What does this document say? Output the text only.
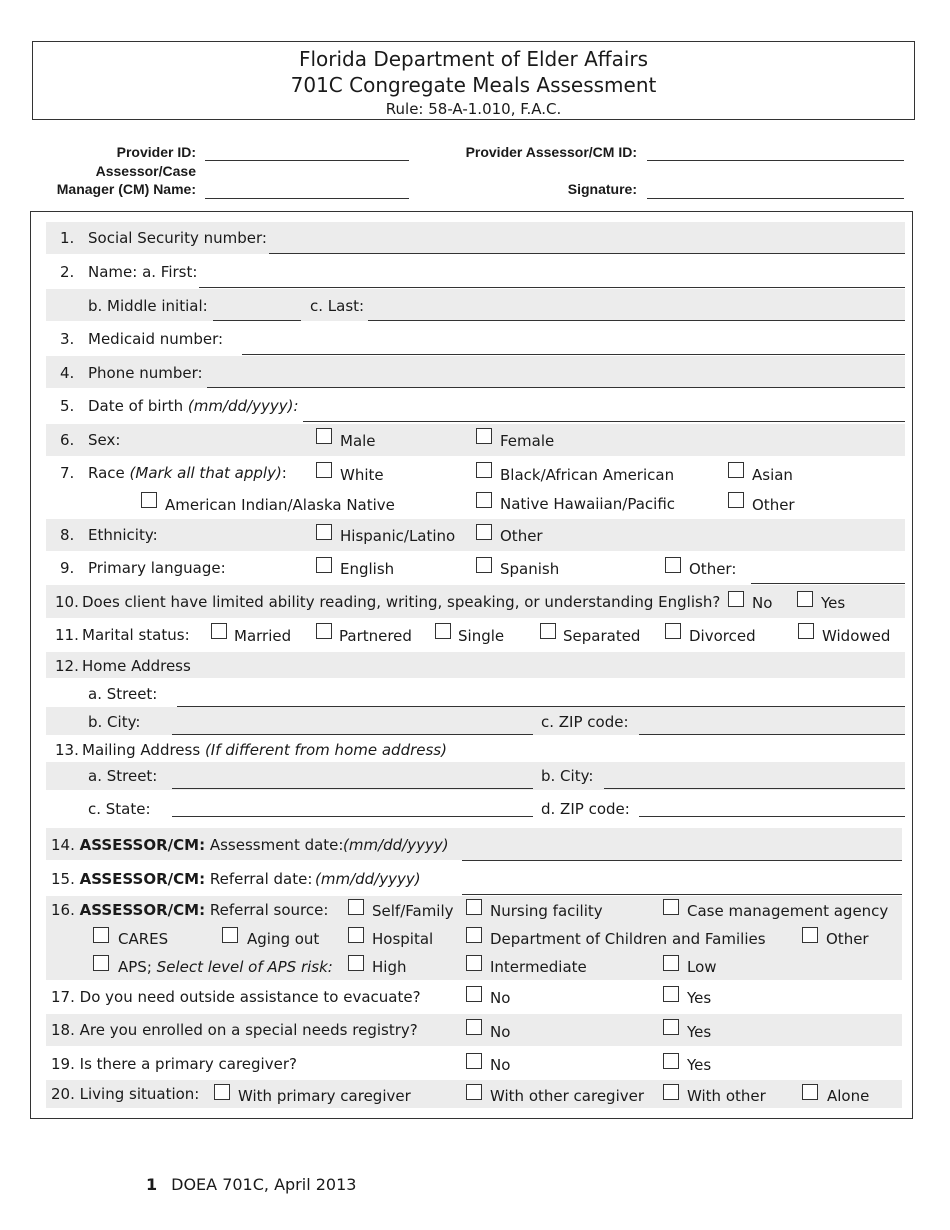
Florida Department of Elder Affairs
701C Congregate Meals Assessment
Rule: 58-A-1.010, F.A.C.
Provider ID:
Assessor/Case
Manager (CM) Name:
Provider Assessor/CM ID:
Signature:
1. Social Security number:
2. Name: a. First:
b. Middle initial:	c. Last:
3. Medicaid number:
4. Phone number:
5. Date of birth (mm/dd/yyyy):
6. Sex:	Male	Female
7. Race (Mark all that apply):	White	Black/African American	Asian
American Indian/Alaska Native	Native Hawaiian/Pacific	Other
8. Ethnicity:	Hispanic/Latino	Other
9. Primary language:	English	Spanish	Other:
10. Does client have limited ability reading, writing, speaking, or understanding English? No	Yes
11. Marital status:	Married	Partnered	Single	Separated	Divorced	Widowed
12. Home Address
a. Street:
b. City:	c. ZIP code:
13. Mailing Address (If different from home address)
a. Street:	b. City:
c. State:	d. ZIP code:
14. ASSESSOR/CM: Assessment date: (mm/dd/yyyy)
15. ASSESSOR/CM: Referral date: (mm/dd/yyyy)
16. ASSESSOR/CM: Referral source:	Self/Family Nursing facility	Case management agency
CARES	Aging out	Hospital	Department of Children and Families	Other
APS; Select level of APS risk:	High	Intermediate	Low
17. Do you need outside assistance to evacuate?	No	Yes
18. Are you enrolled on a special needs registry?	No	Yes
19. Is there a primary caregiver?	No	Yes
20. Living situation:	With primary caregiver	With other caregiver	With other	Alone
1 DOEA 701C, April 2013
